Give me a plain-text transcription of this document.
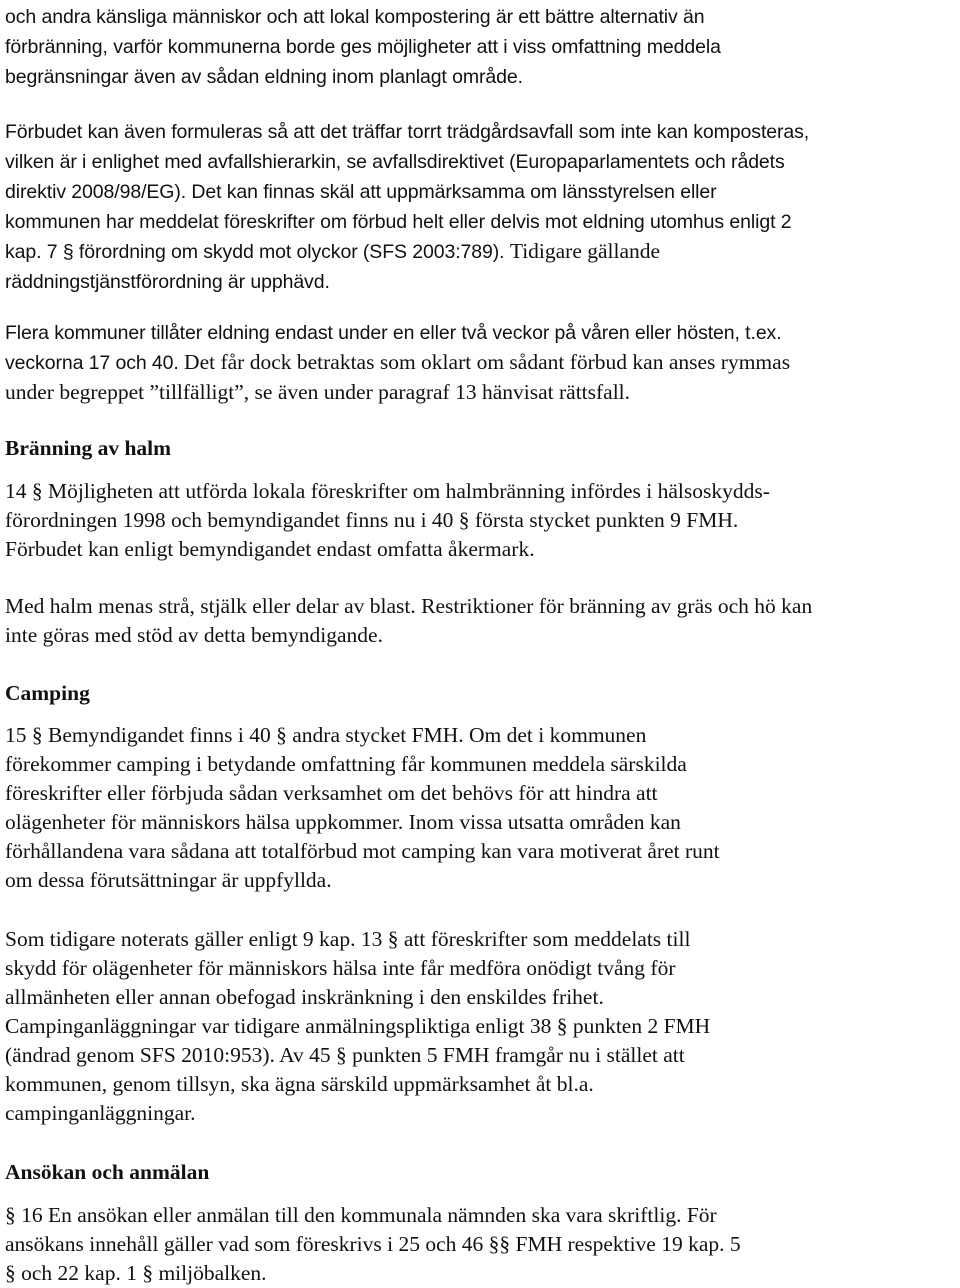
och andra känsliga människor och att lokal kompostering är ett bättre alternativ än
förbränning, varför kommunerna borde ges möjligheter att i viss omfattning meddela
begränsningar även av sådan eldning inom planlagt område.
Förbudet kan även formuleras så att det träffar torrt trädgårdsavfall som inte kan komposteras,
vilken är i enlighet med avfallshierarkin, se avfallsdirektivet (Europaparlamentets och rådets
direktiv 2008/98/EG). Det kan finnas skäl att uppmärksamma om länsstyrelsen eller
kommunen har meddelat föreskrifter om förbud helt eller delvis mot eldning utomhus enligt 2
kap. 7 § förordning om skydd mot olyckor (SFS 2003:789). Tidigare gällande
räddningstjänstförordning är upphävd.
Flera kommuner tillåter eldning endast under en eller två veckor på våren eller hösten, t.ex.
veckorna 17 och 40. Det får dock betraktas som oklart om sådant förbud kan anses rymmas
under begreppet ”tillfälligt”, se även under paragraf 13 hänvisat rättsfall.
Bränning av halm
14 § Möjligheten att utförda lokala föreskrifter om halmbränning infördes i hälsoskydds-
förordningen 1998 och bemyndigandet finns nu i 40 § första stycket punkten 9 FMH.
Förbudet kan enligt bemyndigandet endast omfatta åkermark.
Med halm menas strå, stjälk eller delar av blast. Restriktioner för bränning av gräs och hö kan
inte göras med stöd av detta bemyndigande.
Camping
15 § Bemyndigandet finns i 40 § andra stycket FMH. Om det i kommunen
förekommer camping i betydande omfattning får kommunen meddela särskilda
föreskrifter eller förbjuda sådan verksamhet om det behövs för att hindra att
olägenheter för människors hälsa uppkommer. Inom vissa utsatta områden kan
förhållandena vara sådana att totalförbud mot camping kan vara motiverat året runt
om dessa förutsättningar är uppfyllda.
Som tidigare noterats gäller enligt 9 kap. 13 § att föreskrifter som meddelats till
skydd för olägenheter för människors hälsa inte får medföra onödigt tvång för
allmänheten eller annan obefogad inskränkning i den enskildes frihet.
Campinganläggningar var tidigare anmälningspliktiga enligt 38 § punkten 2 FMH
(ändrad genom SFS 2010:953). Av 45 § punkten 5 FMH framgår nu i stället att
kommunen, genom tillsyn, ska ägna särskild uppmärksamhet åt bl.a.
campinganläggningar.
Ansökan och anmälan
§ 16 En ansökan eller anmälan till den kommunala nämnden ska vara skriftlig. För
ansökans innehåll gäller vad som föreskrivs i 25 och 46 §§ FMH respektive 19 kap. 5
§ och 22 kap. 1 § miljöbalken.
